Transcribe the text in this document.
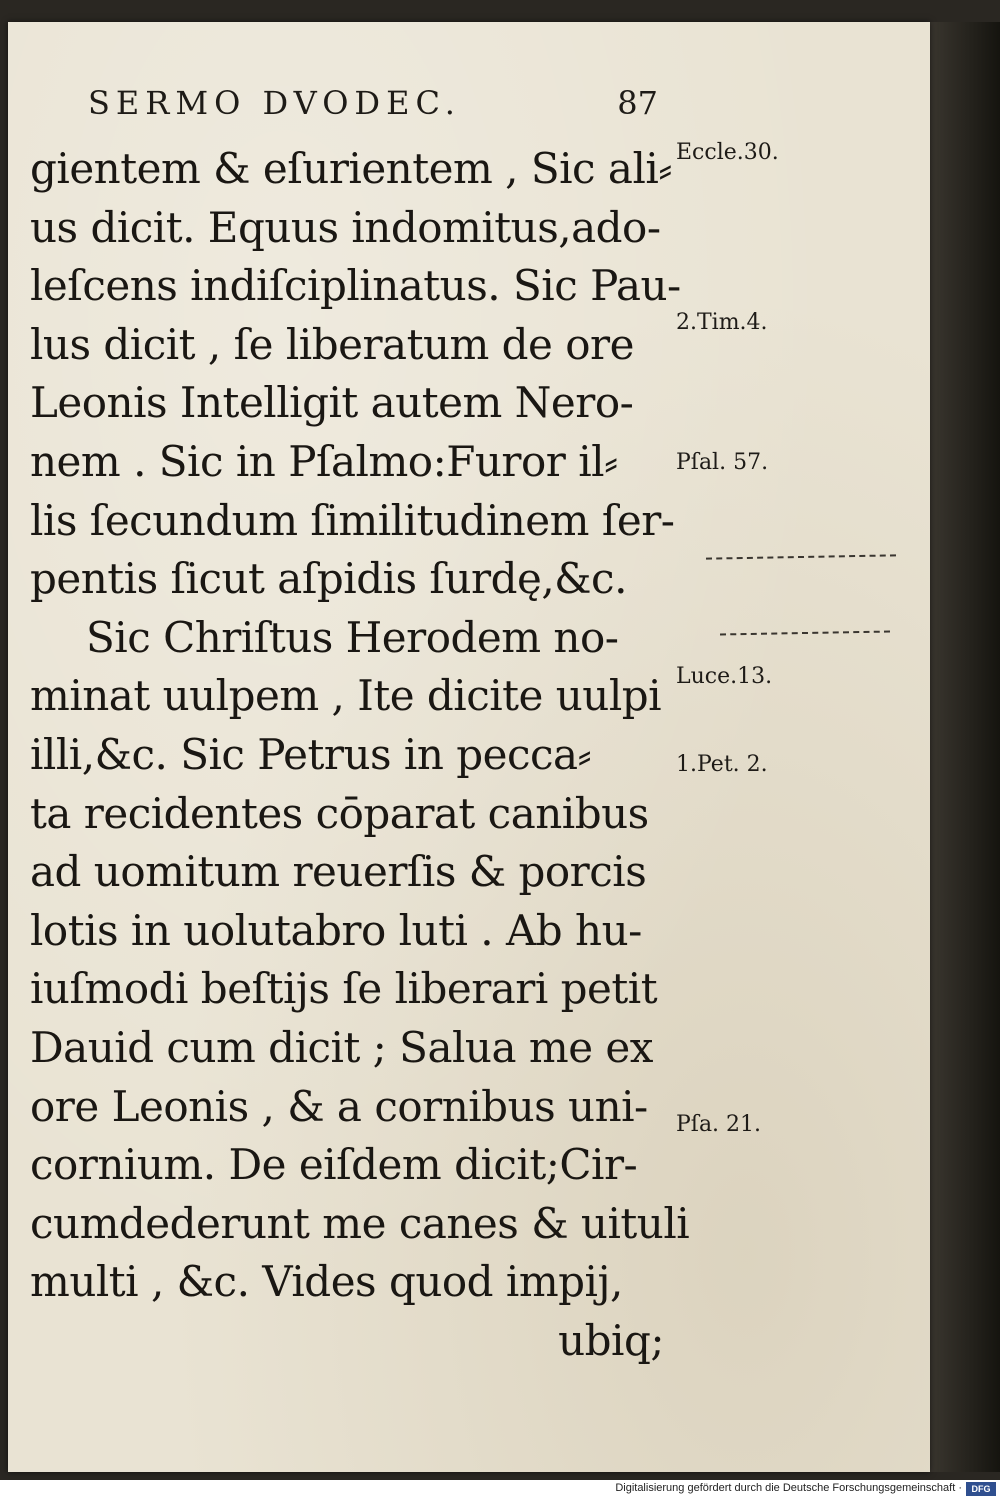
SERMO DVODEC.	87
gientem & eſurientem , Sic ali⸗
us dicit. Equus indomitus,ado-
leſcens indiſciplinatus. Sic Pau-
lus dicit , ſe liberatum de ore
Leonis Intelligit autem Nero-
nem . Sic in Pſalmo:Furor il⸗
lis ſecundum ſimilitudinem ſer-
pentis ſicut aſpidis ſurdę,&c.
Sic Chriſtus Herodem no-
minat uulpem , Ite dicite uulpi
illi,&c. Sic Petrus in pecca⸗
ta recidentes cōparat canibus
ad uomitum reuerſis & porcis
lotis in uolutabro luti . Ab hu-
iuſmodi beſtijs ſe liberari petit
Dauid cum dicit ; Salua me ex
ore Leonis , & a cornibus uni-
cornium. De eiſdem dicit;Cir-
cumdederunt me canes & uituli
multi , &c. Vides quod impij,
ubiq;
Eccle.30.
2.Tim.4.
Pſal. 57.
Luce.13.
1.Pet. 2.
Pſa. 21.
Digitalisierung gefördert durch die Deutsche Forschungsgemeinschaft ·	DFG
